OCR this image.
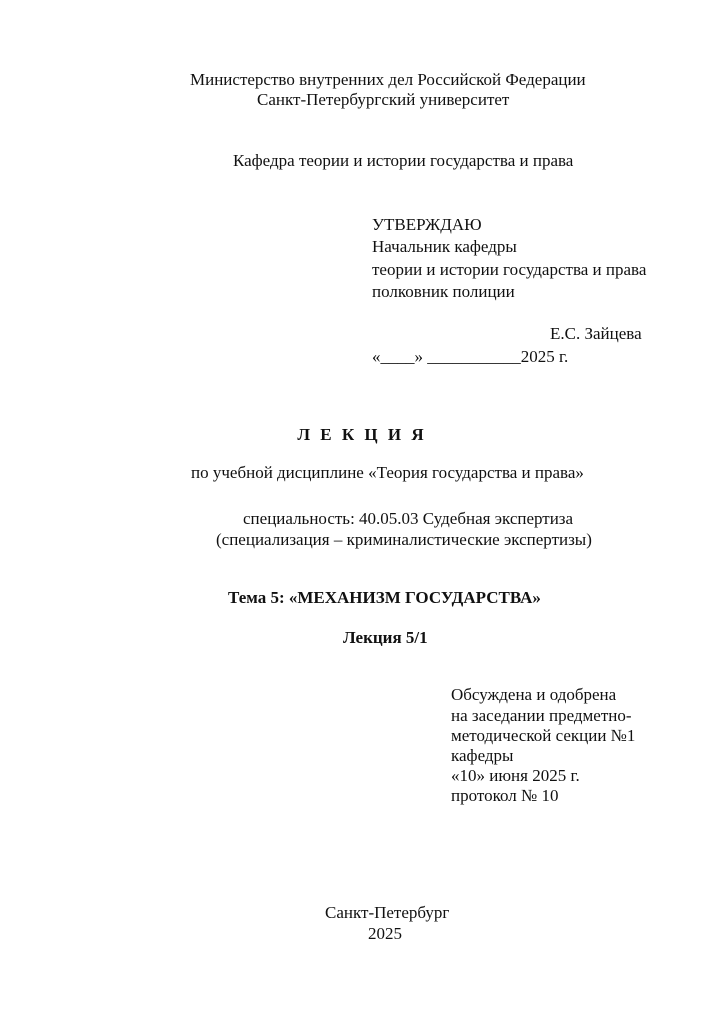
Министерство внутренних дел Российской Федерации
Санкт-Петербургский университет
Кафедра теории и истории государства и права
УТВЕРЖДАЮ
Начальник кафедры
теории и истории государства и права
полковник полиции
Е.С. Зайцева
«____» ___________2025 г.
Л Е К Ц И Я
по учебной дисциплине «Теория государства и права»
специальность: 40.05.03 Судебная экспертиза
(специализация – криминалистические экспертизы)
Тема 5: «МЕХАНИЗМ ГОСУДАРСТВА»
Лекция 5/1
Обсуждена и одобрена
на заседании предметно-
методической секции №1
кафедры
«10» июня 2025 г.
протокол № 10
Санкт-Петербург
2025
